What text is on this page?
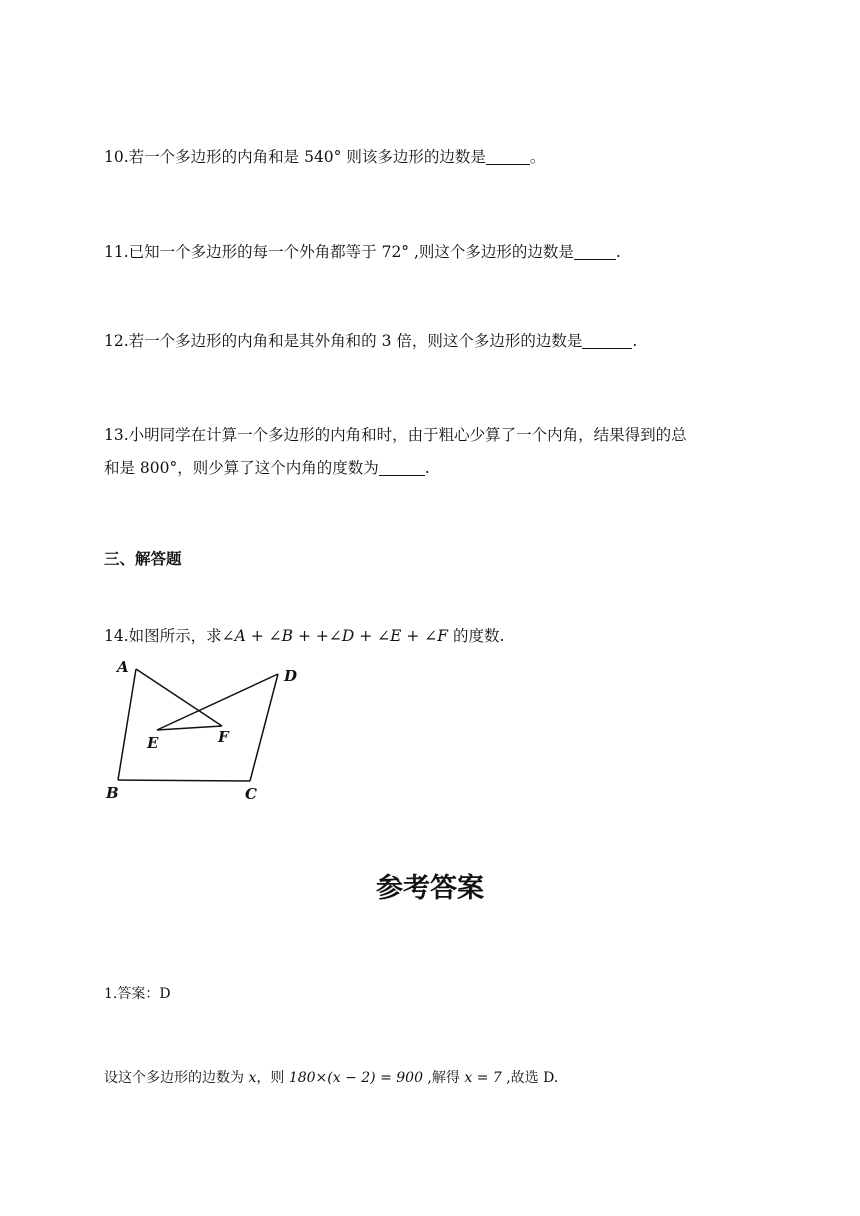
10.若一个多边形的内角和是 540° 则该多边形的边数是	。
11.已知一个多边形的每一个外角都等于 72° ,则这个多边形的边数是	.
12.若一个多边形的内角和是其外角和的 3 倍，则这个多边形的边数是	.
13.小明同学在计算一个多边形的内角和时，由于粗心少算了一个内角，结果得到的总
和是 800°，则少算了这个内角的度数为	.
三、解答题
14.如图所示，求∠A + ∠B + +∠D + ∠E + ∠F 的度数.
A
B	C
D
E	F
参考答案
1.答案：D
设这个多边形的边数为 x，则 180×(x − 2) = 900 ,解得 x = 7 ,故选 D.
